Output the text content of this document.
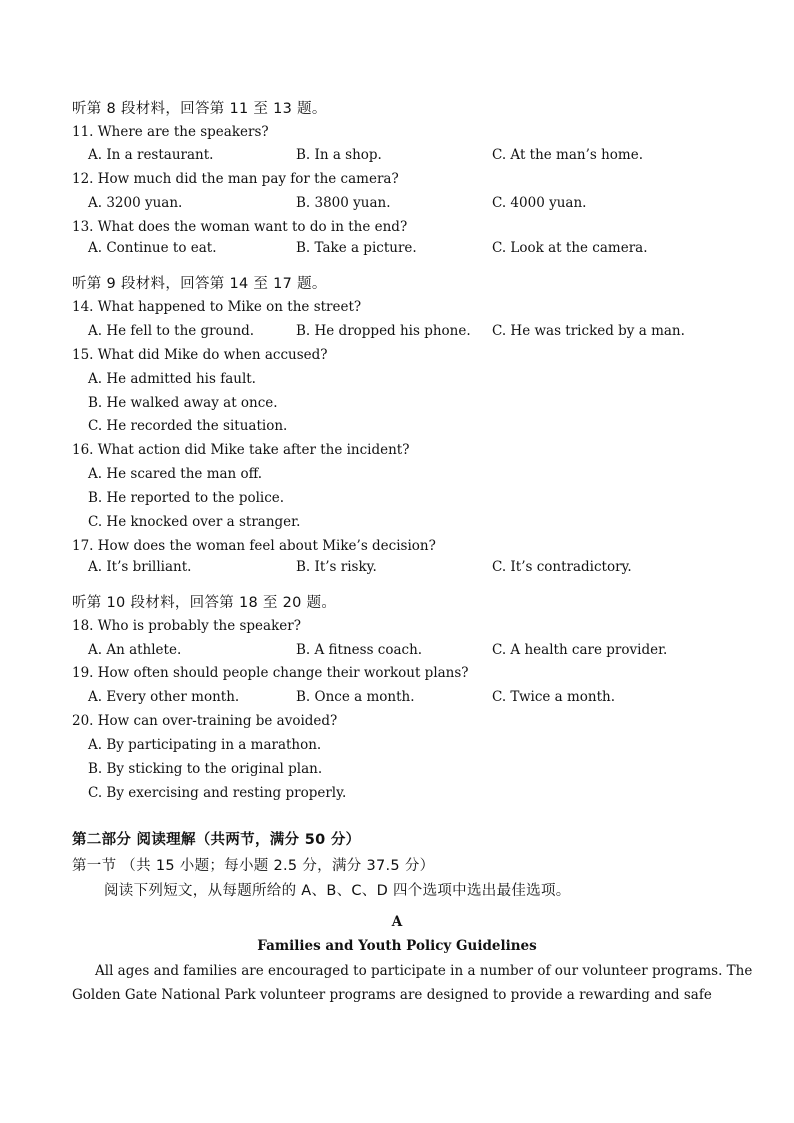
听第 8 段材料，回答第 11 至 13 题。
11. Where are the speakers?
A. In a restaurant.	B. In a shop.	C. At the man’s home.
12. How much did the man pay for the camera?
A. 3200 yuan.	B. 3800 yuan.	C. 4000 yuan.
13. What does the woman want to do in the end?
A. Continue to eat.	B. Take a picture.	C. Look at the camera.
听第 9 段材料，回答第 14 至 17 题。
14. What happened to Mike on the street?
A. He fell to the ground.	B. He dropped his phone. C. He was tricked by a man.
15. What did Mike do when accused?
A. He admitted his fault.
B. He walked away at once.
C. He recorded the situation.
16. What action did Mike take after the incident?
A. He scared the man off.
B. He reported to the police.
C. He knocked over a stranger.
17. How does the woman feel about Mike’s decision?
A. It’s brilliant.	B. It’s risky.	C. It’s contradictory.
听第 10 段材料，回答第 18 至 20 题。
18. Who is probably the speaker?
A. An athlete.	B. A fitness coach.	C. A health care provider.
19. How often should people change their workout plans?
A. Every other month.	B. Once a month.	C. Twice a month.
20. How can over-training be avoided?
A. By participating in a marathon.
B. By sticking to the original plan.
C. By exercising and resting properly.
第二部分 阅读理解（共两节，满分 50 分）
第一节 （共 15 小题；每小题 2.5 分，满分 37.5 分）
阅读下列短文，从每题所给的 A、B、C、D 四个选项中选出最佳选项。
A
Families and Youth Policy Guidelines
All ages and families are encouraged to participate in a number of our volunteer programs. The
Golden Gate National Park volunteer programs are designed to provide a rewarding and safe
